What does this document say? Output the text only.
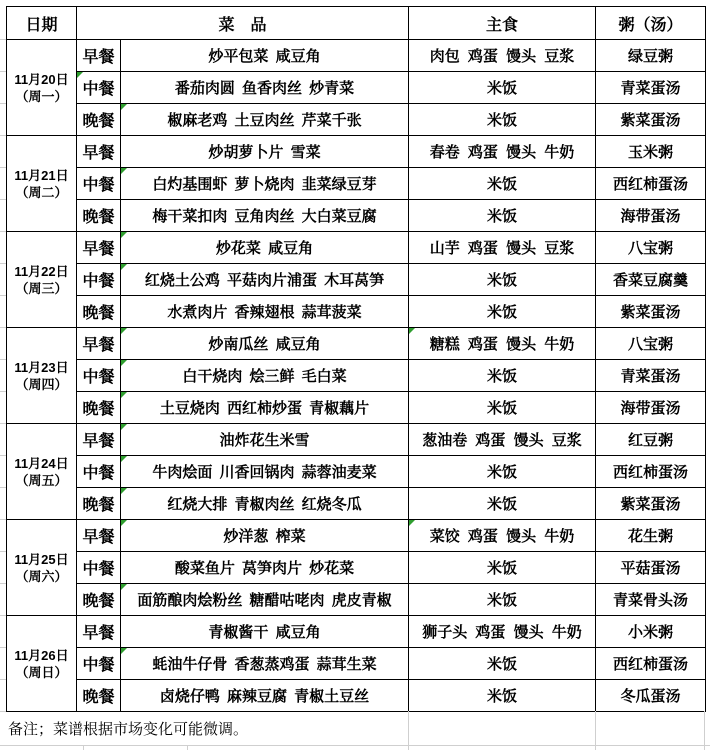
日期	菜　品		主食	粥（汤）

11月20日
（周一）	早餐	炒平包菜 咸豆角	肉包 鸡蛋 馒头 豆浆	绿豆粥
	中餐	番茄肉圆 鱼香肉丝 炒青菜	米饭	青菜蛋汤
	晚餐	椒麻老鸡 土豆肉丝 芹菜千张	米饭	紫菜蛋汤

11月21日
（周二）	早餐	炒胡萝卜片 雪菜	春卷 鸡蛋 馒头 牛奶	玉米粥
	中餐	白灼基围虾 萝卜烧肉 韭菜绿豆芽	米饭	西红柿蛋汤
	晚餐	梅干菜扣肉 豆角肉丝 大白菜豆腐	米饭	海带蛋汤

11月22日
（周三）	早餐	炒花菜 咸豆角	山芋 鸡蛋 馒头 豆浆	八宝粥
	中餐	红烧土公鸡 平菇肉片浦蛋 木耳莴笋	米饭	香菜豆腐羹
	晚餐	水煮肉片 香辣翅根 蒜茸菠菜	米饭	紫菜蛋汤

11月23日
（周四）	早餐	炒南瓜丝 咸豆角	糖糕 鸡蛋 馒头 牛奶	八宝粥
	中餐	白干烧肉 烩三鲜 毛白菜	米饭	青菜蛋汤
	晚餐	土豆烧肉 西红柿炒蛋 青椒藕片	米饭	海带蛋汤

11月24日
（周五）	早餐	油炸花生米雪	葱油卷 鸡蛋 馒头 豆浆	红豆粥
	中餐	牛肉烩面 川香回锅肉 蒜蓉油麦菜	米饭	西红柿蛋汤
	晚餐	红烧大排 青椒肉丝 红烧冬瓜	米饭	紫菜蛋汤

11月25日
（周六）	早餐	炒洋葱 榨菜	菜饺 鸡蛋 馒头 牛奶	花生粥
	中餐	酸菜鱼片 莴笋肉片 炒花菜	米饭	平菇蛋汤
	晚餐	面筋酿肉烩粉丝 糖醋咕咾肉 虎皮青椒	米饭	青菜骨头汤

11月26日
（周日）	早餐	青椒酱干 咸豆角	狮子头 鸡蛋 馒头 牛奶	小米粥
	中餐	蚝油牛仔骨 香葱蒸鸡蛋 蒜茸生菜	米饭	西红柿蛋汤
	晚餐	卤烧仔鸭 麻辣豆腐 青椒土豆丝	米饭	冬瓜蛋汤
备注；菜谱根据市场变化可能微调。
